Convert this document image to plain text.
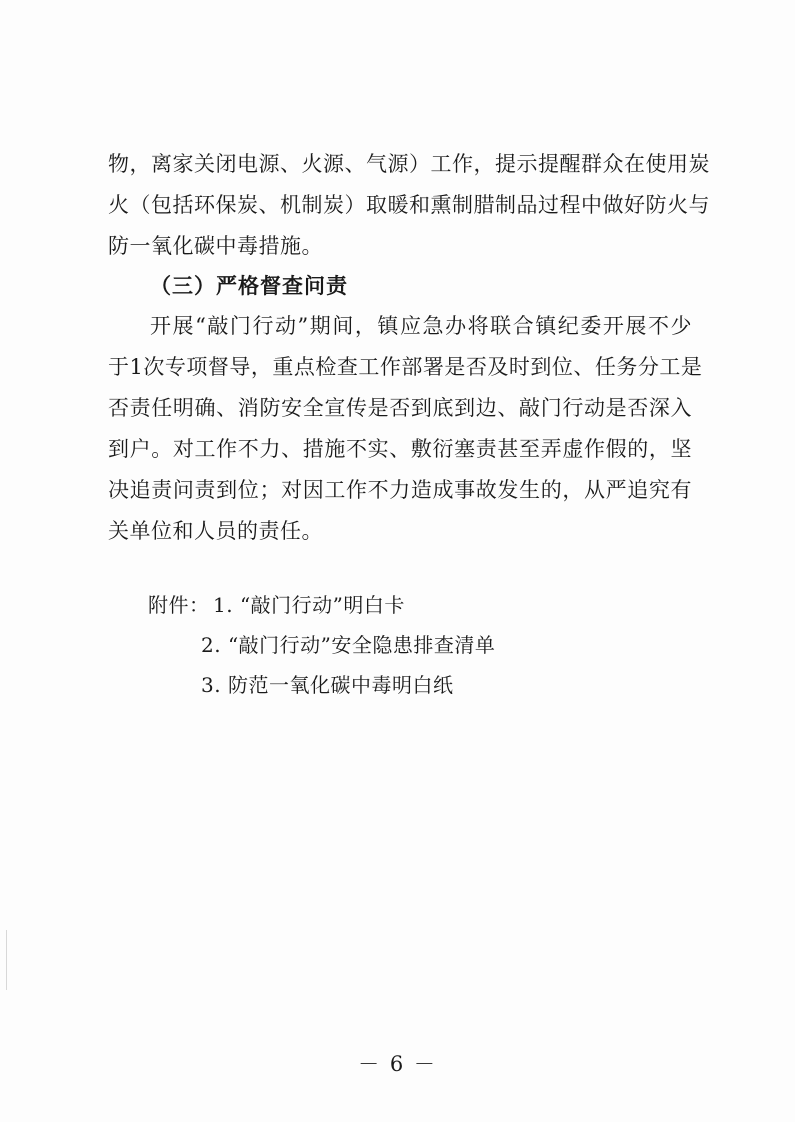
物，离家关闭电源、火源、气源）工作，提示提醒群众在使用炭
火（包括环保炭、机制炭）取暖和熏制腊制品过程中做好防火与
防一氧化碳中毒措施。
（三）严格督查问责
开展“敲门行动”期间，镇应急办将联合镇纪委开展不少
于1次专项督导，重点检查工作部署是否及时到位、任务分工是
否责任明确、消防安全宣传是否到底到边、敲门行动是否深入
到户。对工作不力、措施不实、敷衍塞责甚至弄虚作假的，坚
决追责问责到位；对因工作不力造成事故发生的，从严追究有
关单位和人员的责任。
附件： 1. “敲门行动”明白卡
2. “敲门行动”安全隐患排查清单
3. 防范一氧化碳中毒明白纸
－ 6 －
